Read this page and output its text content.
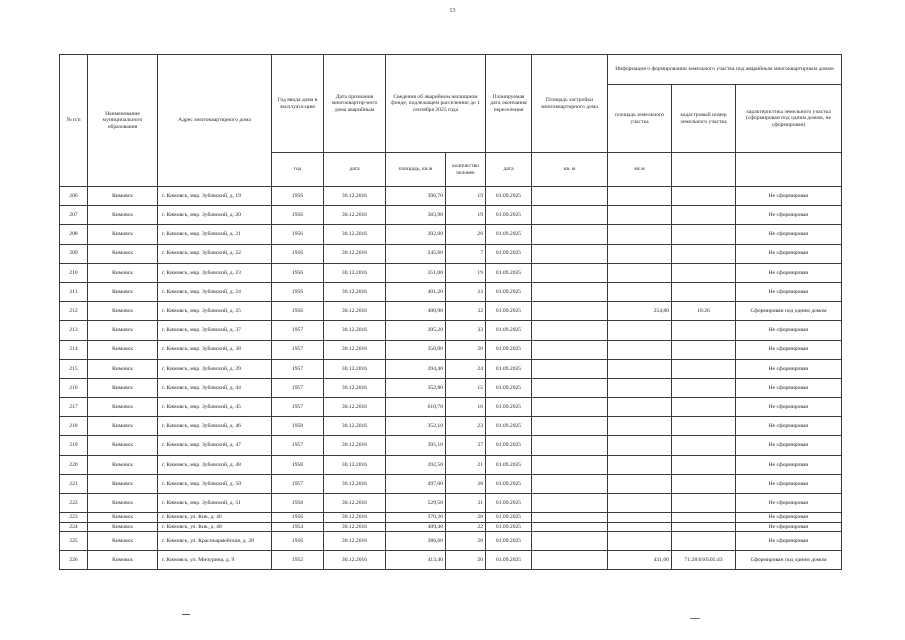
13
№ п/п	Наименование муниципального образования	Адрес многоквартирного дома	Год ввода дома в эксплуата-цию	Дата признания многоквартир-ного дома аварийным	Сведения об аварийном жилищном фонде, подлежащем расселению до 1 сентября 2025 года		Планируемая дата окончания переселения	Площадь застройки многоквартирного дома	Информация о формировании земельного участка под аварийным многоквартирным домом		
									площадь земельного участка	кадастровый номер земельного участка	характеристика земельного участка (сформирован под одним домом, не сформирован)
			год	дата	площадь, кв.м	количество человек	дата	кв. м	кв.м		
206	Кимовск	г. Кимовск, мкр. Зубовский, д. 19	1956	30.12.2016	396,70	19	01.09.2025				Не сформирован
207	Кимовск	г. Кимовск, мкр. Зубовский, д. 20	1956	30.12.2016	383,90	19	01.09.2025				Не сформирован
208	Кимовск	г. Кимовск, мкр. Зубовский, д. 21	1956	30.12.2016	392,00	26	01.09.2025				Не сформирован
209	Кимовск	г. Кимовск, мкр. Зубовский, д. 22	1956	30.12.2016	245,60	7	01.09.2025				Не сформирован
210	Кимовск	г. Кимовск, мкр. Зубовский, д. 23	1956	30.12.2016	351,00	19	01.09.2025				Не сформирован
211	Кимовск	г. Кимовск, мкр. Зубовский, д. 24	1956	30.12.2016	401,20	23	01.09.2025				Не сформирован
212	Кимовск	г. Кимовск, мкр. Зубовский, д. 25	1956	30.12.2016	400,90	32	01.09.2025		254,80	18:26	Сформирован под одним домом
213	Кимовск	г. Кимовск, мкр. Зубовский, д. 37	1957	30.12.2016	395,20	33	01.09.2025				Не сформирован
214	Кимовск	г. Кимовск, мкр. Зубовский, д. 38	1957	30.12.2016	350,00	20	01.09.2025				Не сформирован
215	Кимовск	г. Кимовск, мкр. Зубовский, д. 39	1957	30.12.2016	394,40	24	01.09.2025				Не сформирован
216	Кимовск	г. Кимовск, мкр. Зубовский, д. 44	1957	30.12.2016	352,80	15	01.09.2025				Не сформирован
217	Кимовск	г. Кимовск, мкр. Зубовский, д. 45	1957	30.12.2016	610,70	16	01.09.2025				Не сформирован
218	Кимовск	г. Кимовск, мкр. Зубовский, д. 46	1958	30.12.2016	352,10	23	01.09.2025				Не сформирован
219	Кимовск	г. Кимовск, мкр. Зубовский, д. 47	1957	30.12.2016	395,10	37	01.09.2025				Не сформирован
220	Кимовск	г. Кимовск, мкр. Зубовский, д. 48	1958	30.12.2016	392,50	21	01.09.2025				Не сформирован
221	Кимовск	г. Кимовск, мкр. Зубовский, д. 50	1957	30.12.2016	497,00	28	01.09.2025				Не сформирован
222	Кимовск	г. Кимовск, мкр. Зубовский, д. 51	1958	30.12.2016	529,50	31	01.09.2025				Не сформирован
223	Кимовск	г. Кимовск, ул. Кик, д. 46	1956	30.12.2016	370,20	28	01.09.2025				Не сформирован
224	Кимовск	г. Кимовск, ул. Кик, д. 48	1954	30.12.2016	409,40	22	01.09.2025				Не сформирован
225	Кимовск	г. Кимовск, ул. Красноармейская, д. 28	1956	30.12.2016	386,60	28	01.09.2025				Не сформирован
226	Кимовск	г. Кимовск, ул. Мичурина, д. 9	1952	30.12.2016	413,40	20	01.09.2025		431,00	71:28:010505:43	Сформирован под одним домом
